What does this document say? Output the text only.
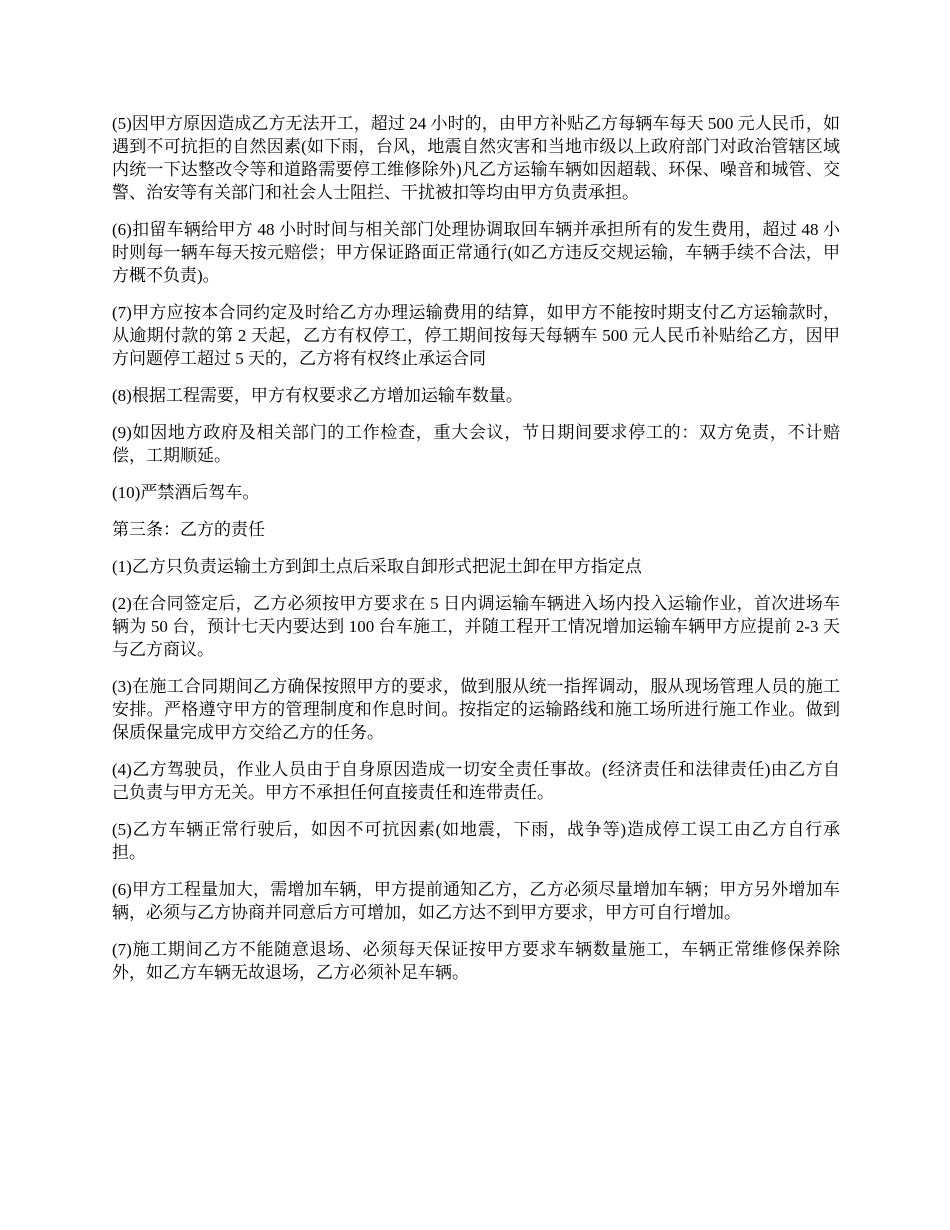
(5)因甲方原因造成乙方无法开工，超过 24 小时的，由甲方补贴乙方每辆车每天 500 元人民币，如遇到不可抗拒的自然因素(如下雨，台风，地震自然灾害和当地市级以上政府部门对政治管辖区域内统一下达整改令等和道路需要停工维修除外)凡乙方运输车辆如因超载、环保、噪音和城管、交警、治安等有关部门和社会人士阻拦、干扰被扣等均由甲方负责承担。

(6)扣留车辆给甲方 48 小时时间与相关部门处理协调取回车辆并承担所有的发生费用，超过 48 小时则每一辆车每天按元赔偿；甲方保证路面正常通行(如乙方违反交规运输，车辆手续不合法，甲方概不负责)。

(7)甲方应按本合同约定及时给乙方办理运输费用的结算，如甲方不能按时期支付乙方运输款时，从逾期付款的第 2 天起，乙方有权停工，停工期间按每天每辆车 500 元人民币补贴给乙方，因甲方问题停工超过 5 天的，乙方将有权终止承运合同

(8)根据工程需要，甲方有权要求乙方增加运输车数量。

(9)如因地方政府及相关部门的工作检查，重大会议，节日期间要求停工的：双方免责，不计赔偿，工期顺延。

(10)严禁酒后驾车。

第三条：乙方的责任

(1)乙方只负责运输土方到卸土点后采取自卸形式把泥土卸在甲方指定点

(2)在合同签定后，乙方必须按甲方要求在 5 日内调运输车辆进入场内投入运输作业，首次进场车辆为 50 台，预计七天内要达到 100 台车施工，并随工程开工情况增加运输车辆甲方应提前 2-3 天与乙方商议。

(3)在施工合同期间乙方确保按照甲方的要求，做到服从统一指挥调动，服从现场管理人员的施工安排。严格遵守甲方的管理制度和作息时间。按指定的运输路线和施工场所进行施工作业。做到保质保量完成甲方交给乙方的任务。

(4)乙方驾驶员，作业人员由于自身原因造成一切安全责任事故。(经济责任和法律责任)由乙方自己负责与甲方无关。甲方不承担任何直接责任和连带责任。

(5)乙方车辆正常行驶后，如因不可抗因素(如地震，下雨，战争等)造成停工误工由乙方自行承担。

(6)甲方工程量加大，需增加车辆，甲方提前通知乙方，乙方必须尽量增加车辆；甲方另外增加车辆，必须与乙方协商并同意后方可增加，如乙方达不到甲方要求，甲方可自行增加。

(7)施工期间乙方不能随意退场、必须每天保证按甲方要求车辆数量施工，车辆正常维修保养除外，如乙方车辆无故退场，乙方必须补足车辆。
